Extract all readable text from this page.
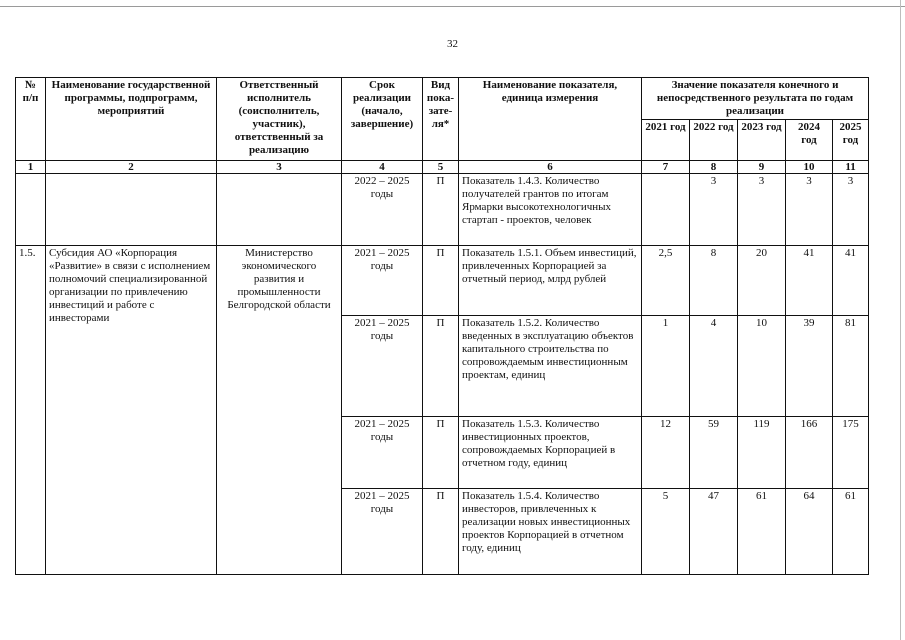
32
№ п/п	Наименование государственной программы, подпрограмм, мероприятий	Ответственный исполнитель (соисполнитель, участник), ответственный за реализацию	Срок реализации (начало, завершение)	Вид пока-зате-ля*	Наименование показателя, единица измерения	Значение показателя конечного и непосредственного результата по годам реализации				
						2021 год	2022 год	2023 год	2024 год	2025 год
1	2	3	4	5	6	7	8	9	10	11
			2022 – 2025 годы	П	Показатель 1.4.3. Количество получателей грантов по итогам Ярмарки высокотехнологичных стартап - проектов, человек		3	3	3	3
1.5.	Субсидия АО «Корпорация «Развитие» в связи с исполнением полномочий специализированной организации по привлечению инвестиций и работе с инвесторами	Министерство экономического развития и промышленности Белгородской области	2021 – 2025 годы	П	Показатель 1.5.1. Объем инвестиций, привлеченных Корпорацией за отчетный период, млрд рублей	2,5	8	20	41	41
			2021 – 2025 годы	П	Показатель 1.5.2. Количество введенных в эксплуатацию объектов капитального строительства по сопровождаемым инвестиционным проектам, единиц	1	4	10	39	81
			2021 – 2025 годы	П	Показатель 1.5.3. Количество инвестиционных проектов, сопровождаемых Корпорацией в отчетном году, единиц	12	59	119	166	175
			2021 – 2025 годы	П	Показатель 1.5.4. Количество инвесторов, привлеченных к реализации новых инвестиционных проектов Корпорацией в отчетном году, единиц	5	47	61	64	61
